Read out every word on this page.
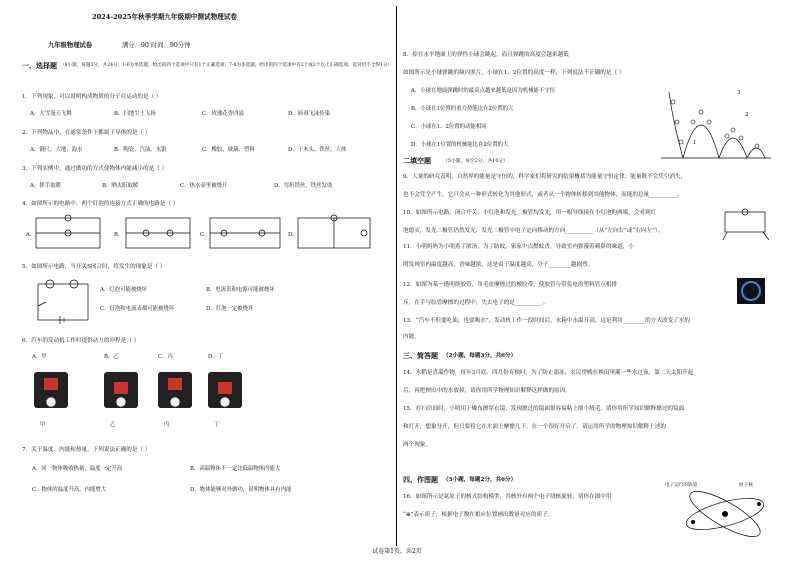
2024-2025年秋季学期九年级期中测试物理试卷
九年级物理试卷	满分：90 时间：90分钟
一、选择题 （8小题，每题3分，共24分，1-6为单选题，给出的四个选项中只有1个正确选项；7-8为多选题，给出的四个选项中有2个或2个以上正确选项，选对但不全得1分）
1．下列现象，可以说明构成物质的分子在运动的是（ ）
A．大雪漫天飞舞	B．扫地尘土飞扬	C．玫瑰花香四溢	D．病毒飞沫传染
2．下列物品中，在通常条件下都属于导体的是（ ）
A．钢尺、大地、海水	B．陶瓷、汽油、水银	C．橡胶、玻璃、塑料	D．干木头、铁丝、人体
3．下列实例中，通过做功的方式使物体内能减小的是（ ）
A．搓手取暖	B．晒太阳取暖	C．热水壶里被烧开	D．弯折铁丝，铁丝发烫
4．如图所示的电路中，两个灯泡的连接方式正确的电路是（ ）
A.	B.	C.	D.
5．如图所示电路，当开关S闭合时，将发生的现象是（ ）
A．灯泡可能被烧坏	B．电流表和电源可能被烧坏
C．灯泡和电流表都可能被烧坏	D．灯泡一定被烧坏
6．汽车的发动机工作时提供动力的冲程是（ ）
A．甲	B．乙	C．丙	D．丁
甲	乙	丙	丁
7．关于温度、内能和热量，下列说法正确的是（ ）
A．同一物体吸收热量，温度一定升高	B．高温物体不一定比低温物体内能大
C．物体的温度升高，内能增大	D．物体能够对外做功，说明物体具有内能
8．掉在水平地面上的弹性小球会跳起，而且弹跳的高度会越来越低
如图所示是小球弹跳的频闪照片，小球在1、2位置的高度一样，下列说法不正确的是（ ）
A．小球在地面弹跳时的最高点越来越低是因为机械能不守恒
B．小球在1位置的重力势能比在2位置的大
C．小球在1、2位置的动能相同
D．小球在1位置的机械能比在2位置的大
3
2
1
二填空题	（5小题，每空2分，共10分）
9．大量的研究表明，自然界的能量是守恒的，科学家们将研究的结果概括为能量守恒定律：能量既不会凭空消失，
也不会凭空产生，它只会从一种形式转化为其他形式，或者从一个物体转移到其他物体，而能的总量__________。
10．如图所示电路，闭合开关，小灯泡和发光二极管均发光，用一根导线接在小灯泡的两端，会看到灯
泡熄灭，发光二极管仍然发光，发光二极管中电子定向移动的方向__________（从“左向右”或“右向左”）。
11．小明妈妈为小明煮了浓汤，为了防蚊，家家中点燃蚊香，导致室内弥漫着刺鼻的味道，小
明发现室内温度越高，香味越浓，这是由于温度越高，分子________越剧烈。
12．如图为某一透明绕胶管，用毛皮摩擦过的橡胶带，使胶管与带负电的塑料管互相排
斥，在手与胶管摩擦的过程中，失去电子的是__________。
13．“汽车不但要吃油，也要喝水”，发动机工作一段时间后，水箱中水温升高，这是利用________的方式改变了水的
内能。
三、简答题 （2小题，每题3分，共6分）
14．水稻是喜温作物，每年3月底、四月份育秧时，为了防止霜冻，农民傍晚在秧田里灌一些水过夜，第二天太阳升起
后，再把秧田中的水放掉，请你用所学物理知识解释这样做的原因。
15．打扫房间时，小明用干燥布擦穿衣镜，发现擦过的镜面很容易粘上细小绒毛。请你用所学知识解释擦过的镜面
和打开，想象分开，但只要将它在水面上摩擦几下，在一个很好开启了。请运用所学的物理知识解释上述的
两个现象。
四、作图题 （3小题，每题2分，共6分）
16．如图所示是氦原子的核式结构模型，其核外有两个电子绕核旋转，请你在图中用
“⊕”表示质子，根据电子数在相应位置画出数量对应的质子。
电子运行的轨道	原子核
试卷第1页，共2页
